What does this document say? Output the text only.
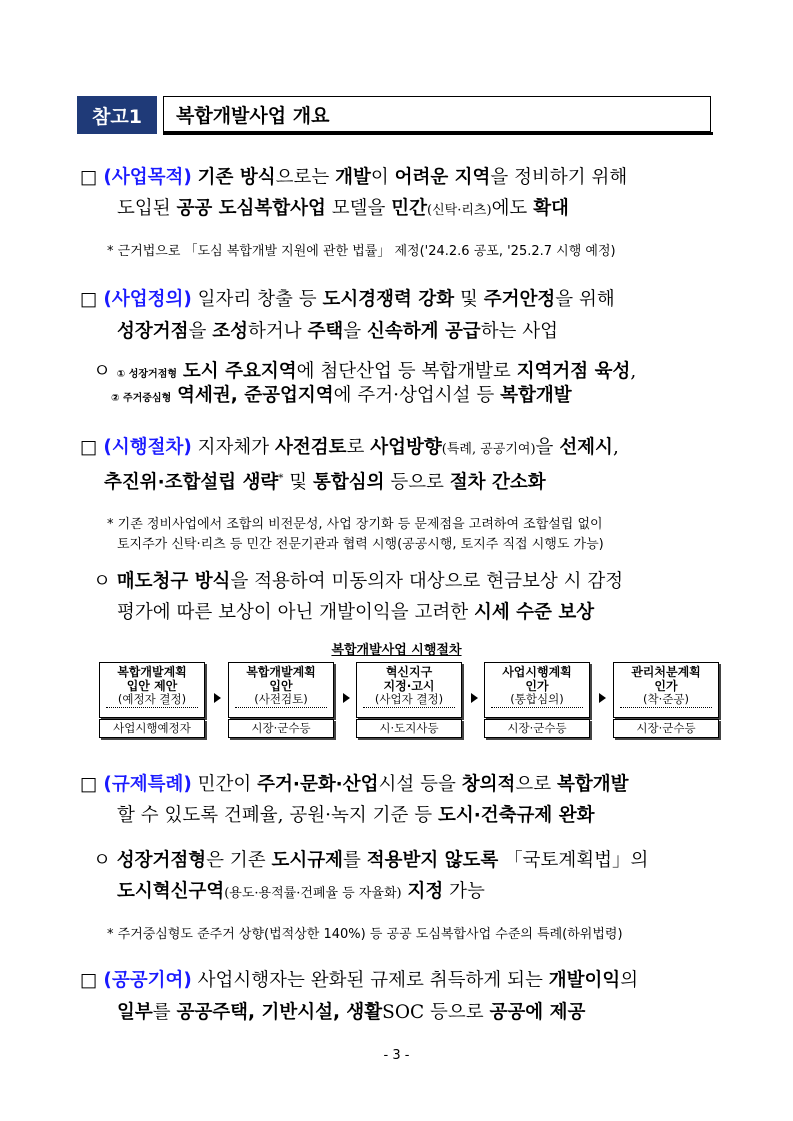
참고1	복합개발사업 개요
□ (사업목적) 기존 방식으로는 개발이 어려운 지역을 정비하기 위해
도입된 공공 도심복합사업 모델을 민간(신탁·리츠)에도 확대
* 근거법으로 「도심 복합개발 지원에 관한 법률」 제정('24.2.6 공포, '25.2.7 시행 예정)
□ (사업정의) 일자리 창출 등 도시경쟁력 강화 및 주거안정을 위해
성장거점을 조성하거나 주택을 신속하게 공급하는 사업
ㅇ ① 성장거점형 도시 주요지역에 첨단산업 등 복합개발로 지역거점 육성,
② 주거중심형 역세권, 준공업지역에 주거·상업시설 등 복합개발
□ (시행절차) 지자체가 사전검토로 사업방향(특례, 공공기여)을 선제시,
추진위·조합설립 생략* 및 통합심의 등으로 절차 간소화
* 기존 정비사업에서 조합의 비전문성, 사업 장기화 등 문제점을 고려하여 조합설립 없이
토지주가 신탁·리츠 등 민간 전문기관과 협력 시행(공공시행, 토지주 직접 시행도 가능)
ㅇ 매도청구 방식을 적용하여 미동의자 대상으로 현금보상 시 감정
평가에 따른 보상이 아닌 개발이익을 고려한 시세 수준 보상
복합개발사업 시행절차
복합개발계획
입안 제안
(예정자 결정)
사업시행예정자
복합개발계획
입안
(사전검토)
시장·군수등
혁신지구
지정·고시
(사업자 결정)
시·도지사등
사업시행계획
인가
(통합심의)
시장·군수등
관리처분계획
인가
(착·준공)
시장·군수등
□ (규제특례) 민간이 주거·문화·산업시설 등을 창의적으로 복합개발
할 수 있도록 건폐율, 공원·녹지 기준 등 도시·건축규제 완화
ㅇ 성장거점형은 기존 도시규제를 적용받지 않도록 「국토계획법」의
도시혁신구역(용도·용적률·건폐율 등 자율화) 지정 가능
* 주거중심형도 준주거 상향(법적상한 140%) 등 공공 도심복합사업 수준의 특례(하위법령)
□ (공공기여) 사업시행자는 완화된 규제로 취득하게 되는 개발이익의
일부를 공공주택, 기반시설, 생활SOC 등으로 공공에 제공
- 3 -
